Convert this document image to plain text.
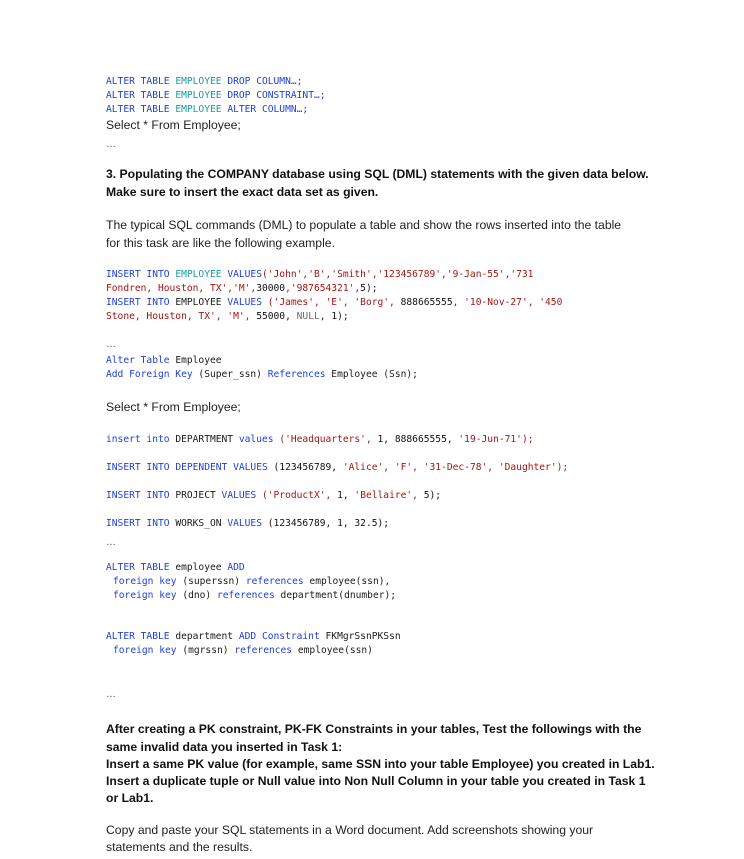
ALTER TABLE EMPLOYEE DROP COLUMN…;
ALTER TABLE EMPLOYEE DROP CONSTRAINT…;
ALTER TABLE EMPLOYEE ALTER COLUMN…;
Select * From Employee;
…
3. Populating the COMPANY database using SQL (DML) statements with the given data below.
Make sure to insert the exact data set as given.
The typical SQL commands (DML) to populate a table and show the rows inserted into the table
for this task are like the following example.
INSERT INTO EMPLOYEE VALUES('John','B','Smith','123456789','9-Jan-55','731
Fondren, Houston, TX','M',30000,'987654321',5);
INSERT INTO EMPLOYEE VALUES ('James', 'E', 'Borg', 888665555, '10-Nov-27', '450
Stone, Houston, TX', 'M', 55000, NULL, 1);
…
Alter Table Employee
Add Foreign Key (Super_ssn) References Employee (Ssn);
Select * From Employee;
insert into DEPARTMENT values ('Headquarters', 1, 888665555, '19-Jun-71');
INSERT INTO DEPENDENT VALUES (123456789, 'Alice', 'F', '31-Dec-78', 'Daughter');
INSERT INTO PROJECT VALUES ('ProductX', 1, 'Bellaire', 5);
INSERT INTO WORKS_ON VALUES (123456789, 1, 32.5);
…
ALTER TABLE employee ADD
foreign key (superssn) references employee(ssn),
foreign key (dno) references department(dnumber);
ALTER TABLE department ADD Constraint FKMgrSsnPKSsn
foreign key (mgrssn) references employee(ssn)
…
After creating a PK constraint, PK-FK Constraints in your tables, Test the followings with the
same invalid data you inserted in Task 1:
Insert a same PK value (for example, same SSN into your table Employee) you created in Lab1.
Insert a duplicate tuple or Null value into Non Null Column in your table you created in Task 1
or Lab1.
Copy and paste your SQL statements in a Word document. Add screenshots showing your
statements and the results.
